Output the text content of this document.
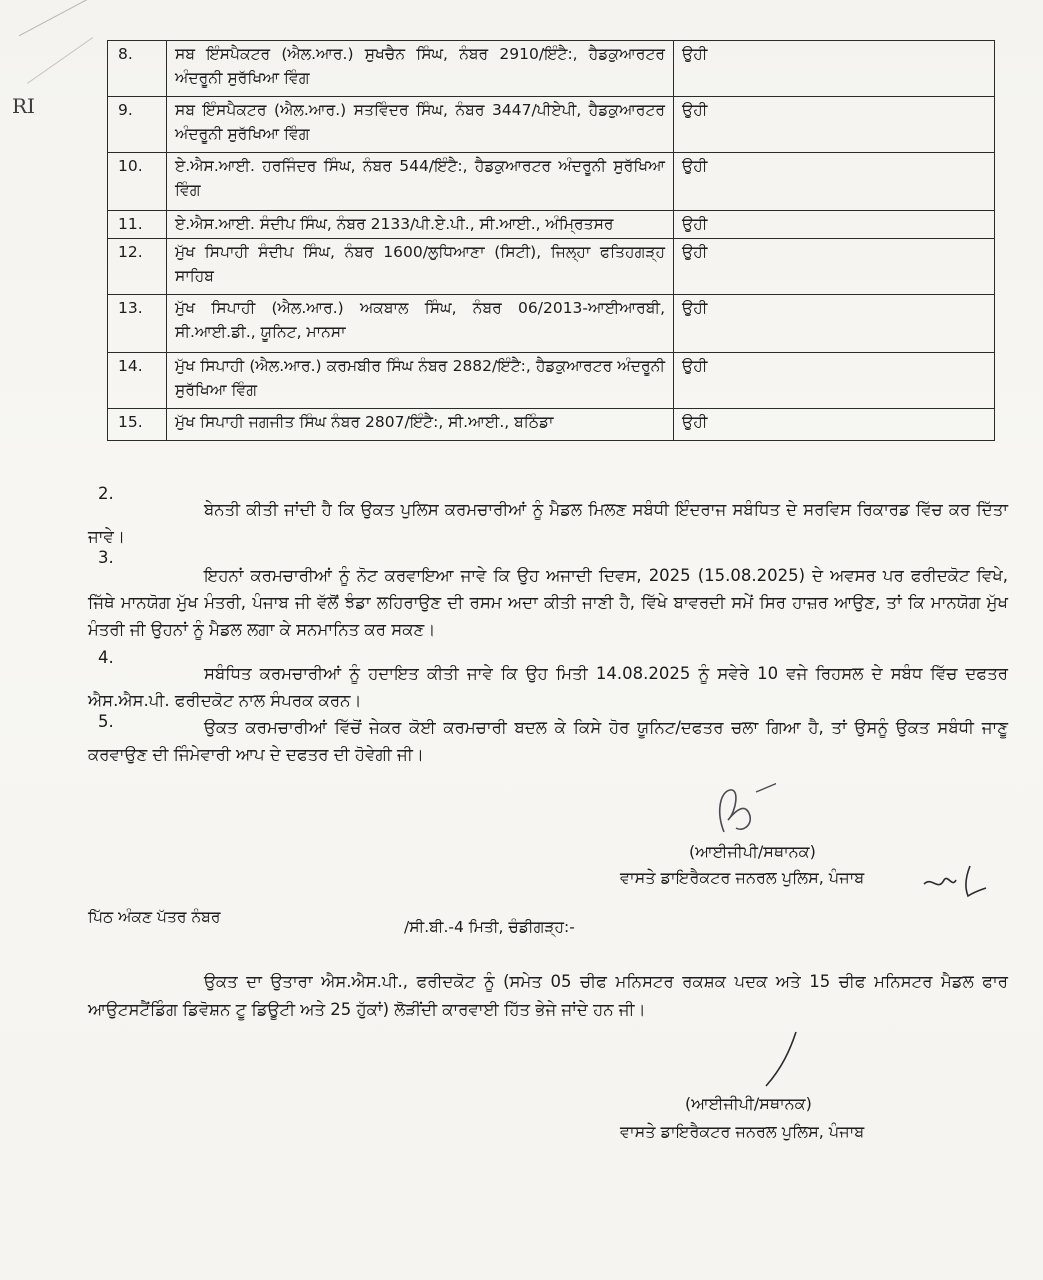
RI
8.	ਸਬ ਇੰਸਪੈਕਟਰ (ਐਲ.ਆਰ.) ਸੁਖਚੈਨ ਸਿੰਘ, ਨੰਬਰ 2910/ਇੰਟੈ:, ਹੈਡਕੁਆਰਟਰ ਅੰਦਰੂਨੀ ਸੁਰੱਖਿਆ ਵਿੰਗ	ਉਹੀ
9.	ਸਬ ਇੰਸਪੈਕਟਰ (ਐਲ.ਆਰ.) ਸਤਵਿੰਦਰ ਸਿੰਘ, ਨੰਬਰ 3447/ਪੀਏਪੀ, ਹੈਡਕੁਆਰਟਰ ਅੰਦਰੂਨੀ ਸੁਰੱਖਿਆ ਵਿੰਗ	ਉਹੀ
10.	ਏ.ਐਸ.ਆਈ. ਹਰਜਿੰਦਰ ਸਿੰਘ, ਨੰਬਰ 544/ਇੰਟੈ:, ਹੈਡਕੁਆਰਟਰ ਅੰਦਰੂਨੀ ਸੁਰੱਖਿਆ ਵਿੰਗ	ਉਹੀ
11.	ਏ.ਐਸ.ਆਈ. ਸੰਦੀਪ ਸਿੰਘ, ਨੰਬਰ 2133/ਪੀ.ਏ.ਪੀ., ਸੀ.ਆਈ., ਅੰਮ੍ਰਿਤਸਰ	ਉਹੀ
12.	ਮੁੱਖ ਸਿਪਾਹੀ ਸੰਦੀਪ ਸਿੰਘ, ਨੰਬਰ 1600/ਲੁਧਿਆਣਾ (ਸਿਟੀ), ਜਿਲ੍ਹਾ ਫਤਿਹਗੜ੍ਹ ਸਾਹਿਬ	ਉਹੀ
13.	ਮੁੱਖ ਸਿਪਾਹੀ (ਐਲ.ਆਰ.) ਅਕਬਾਲ ਸਿੰਘ, ਨੰਬਰ 06/2013-ਆਈਆਰਬੀ, ਸੀ.ਆਈ.ਡੀ., ਯੂਨਿਟ, ਮਾਨਸਾ	ਉਹੀ
14.	ਮੁੱਖ ਸਿਪਾਹੀ (ਐਲ.ਆਰ.) ਕਰਮਬੀਰ ਸਿੰਘ ਨੰਬਰ 2882/ਇੰਟੈ:, ਹੈਡਕੁਆਰਟਰ ਅੰਦਰੂਨੀ ਸੁਰੱਖਿਆ ਵਿੰਗ	ਉਹੀ
15.	ਮੁੱਖ ਸਿਪਾਹੀ ਜਗਜੀਤ ਸਿੰਘ ਨੰਬਰ 2807/ਇੰਟੈ:, ਸੀ.ਆਈ., ਬਠਿੰਡਾ	ਉਹੀ
2.
ਬੇਨਤੀ ਕੀਤੀ ਜਾਂਦੀ ਹੈ ਕਿ ਉਕਤ ਪੁਲਿਸ ਕਰਮਚਾਰੀਆਂ ਨੂੰ ਮੈਡਲ ਮਿਲਣ ਸਬੰਧੀ ਇੰਦਰਾਜ ਸਬੰਧਿਤ ਦੇ ਸਰਵਿਸ ਰਿਕਾਰਡ ਵਿੱਚ ਕਰ ਦਿੱਤਾ ਜਾਵੇ।
3.
ਇਹਨਾਂ ਕਰਮਚਾਰੀਆਂ ਨੂੰ ਨੋਟ ਕਰਵਾਇਆ ਜਾਵੇ ਕਿ ਉਹ ਅਜਾਦੀ ਦਿਵਸ, 2025 (15.08.2025) ਦੇ ਅਵਸਰ ਪਰ ਫਰੀਦਕੋਟ ਵਿਖੇ, ਜਿੱਥੇ ਮਾਨਯੋਗ ਮੁੱਖ ਮੰਤਰੀ, ਪੰਜਾਬ ਜੀ ਵੱਲੋਂ ਝੰਡਾ ਲਹਿਰਾਉਣ ਦੀ ਰਸਮ ਅਦਾ ਕੀਤੀ ਜਾਣੀ ਹੈ, ਵਿੱਖੇ ਬਾਵਰਦੀ ਸਮੇਂ ਸਿਰ ਹਾਜ਼ਰ ਆਉਣ, ਤਾਂ ਕਿ ਮਾਨਯੋਗ ਮੁੱਖ ਮੰਤਰੀ ਜੀ ਉਹਨਾਂ ਨੂੰ ਮੈਡਲ ਲਗਾ ਕੇ ਸਨਮਾਨਿਤ ਕਰ ਸਕਣ।
4.
ਸਬੰਧਿਤ ਕਰਮਚਾਰੀਆਂ ਨੂੰ ਹਦਾਇਤ ਕੀਤੀ ਜਾਵੇ ਕਿ ਉਹ ਮਿਤੀ 14.08.2025 ਨੂੰ ਸਵੇਰੇ 10 ਵਜੇ ਰਿਹਸਲ ਦੇ ਸਬੰਧ ਵਿੱਚ ਦਫਤਰ ਐਸ.ਐਸ.ਪੀ. ਫਰੀਦਕੋਟ ਨਾਲ ਸੰਪਰਕ ਕਰਨ।
5.	ਉਕਤ ਕਰਮਚਾਰੀਆਂ ਵਿੱਚੋਂ ਜੇਕਰ ਕੋਈ ਕਰਮਚਾਰੀ ਬਦਲ ਕੇ ਕਿਸੇ ਹੋਰ ਯੂਨਿਟ/ਦਫਤਰ ਚਲਾ ਗਿਆ ਹੈ, ਤਾਂ ਉਸਨੂੰ ਉਕਤ ਸਬੰਧੀ ਜਾਣੂ ਕਰਵਾਉਣ ਦੀ ਜਿੰਮੇਵਾਰੀ ਆਪ ਦੇ ਦਫਤਰ ਦੀ ਹੋਵੇਗੀ ਜੀ।
(ਆਈਜੀਪੀ/ਸਥਾਨਕ)
ਵਾਸਤੇ ਡਾਇਰੈਕਟਰ ਜਨਰਲ ਪੁਲਿਸ, ਪੰਜਾਬ
ਪਿੱਠ ਅੰਕਣ ਪੱਤਰ ਨੰਬਰ
/ਸੀ.ਬੀ.-4 ਮਿਤੀ, ਚੰਡੀਗੜ੍ਹ:-
ਉਕਤ ਦਾ ਉਤਾਰਾ ਐਸ.ਐਸ.ਪੀ., ਫਰੀਦਕੋਟ ਨੂੰ (ਸਮੇਤ 05 ਚੀਫ ਮਨਿਸਟਰ ਰਕਸ਼ਕ ਪਦਕ ਅਤੇ 15 ਚੀਫ ਮਨਿਸਟਰ ਮੈਡਲ ਫਾਰ ਆਉਟਸਟੈਂਡਿੰਗ ਡਿਵੋਸ਼ਨ ਟੂ ਡਿਊਟੀ ਅਤੇ 25 ਹੁੱਕਾਂ) ਲੋੜੀਂਦੀ ਕਾਰਵਾਈ ਹਿੱਤ ਭੇਜੇ ਜਾਂਦੇ ਹਨ ਜੀ।
(ਆਈਜੀਪੀ/ਸਥਾਨਕ)
ਵਾਸਤੇ ਡਾਇਰੈਕਟਰ ਜਨਰਲ ਪੁਲਿਸ, ਪੰਜਾਬ
